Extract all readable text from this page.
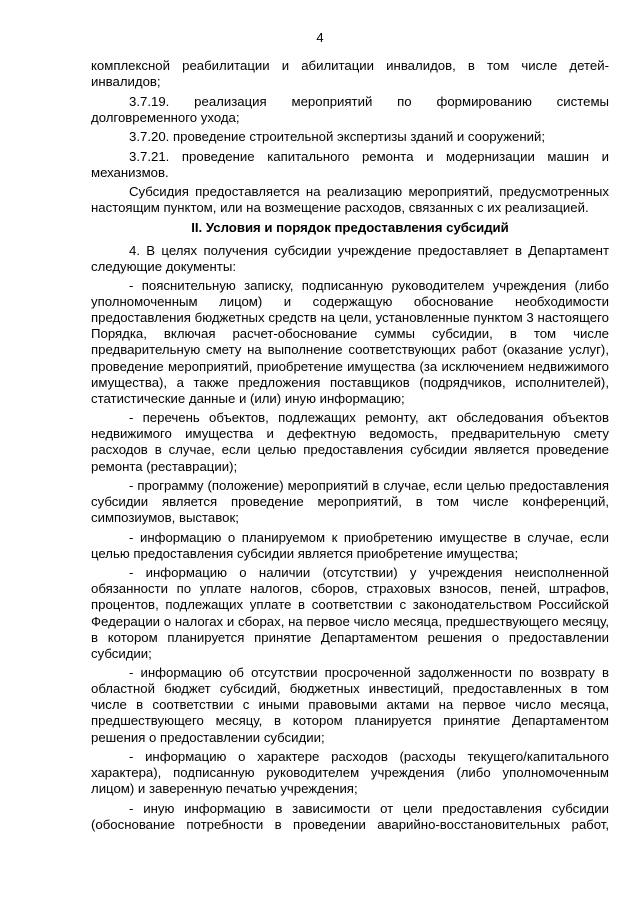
4

комплексной реабилитации и абилитации инвалидов, в том числе детей-инвалидов;

3.7.19. реализация мероприятий по формированию системы долговременного ухода;

3.7.20. проведение строительной экспертизы зданий и сооружений;

3.7.21. проведение капитального ремонта и модернизации машин и механизмов.

Субсидия предоставляется на реализацию мероприятий, предусмотренных настоящим пунктом, или на возмещение расходов, связанных с их реализацией.

II. Условия и порядок предоставления субсидий

4. В целях получения субсидии учреждение предоставляет в Департамент следующие документы:

- пояснительную записку, подписанную руководителем учреждения (либо уполномоченным лицом) и содержащую обоснование необходимости предоставления бюджетных средств на цели, установленные пунктом 3 настоящего Порядка, включая расчет-обоснование суммы субсидии, в том числе предварительную смету на выполнение соответствующих работ (оказание услуг), проведение мероприятий, приобретение имущества (за исключением недвижимого имущества), а также предложения поставщиков (подрядчиков, исполнителей), статистические данные и (или) иную информацию;

- перечень объектов, подлежащих ремонту, акт обследования объектов недвижимого имущества и дефектную ведомость, предварительную смету расходов в случае, если целью предоставления субсидии является проведение ремонта (реставрации);

- программу (положение) мероприятий в случае, если целью предоставления субсидии является проведение мероприятий, в том числе конференций, симпозиумов, выставок;

- информацию о планируемом к приобретению имуществе в случае, если целью предоставления субсидии является приобретение имущества;

- информацию о наличии (отсутствии) у учреждения неисполненной обязанности по уплате налогов, сборов, страховых взносов, пеней, штрафов, процентов, подлежащих уплате в соответствии с законодательством Российской Федерации о налогах и сборах, на первое число месяца, предшествующего месяцу, в котором планируется принятие Департаментом решения о предоставлении субсидии;

- информацию об отсутствии просроченной задолженности по возврату в областной бюджет субсидий, бюджетных инвестиций, предоставленных в том числе в соответствии с иными правовыми актами на первое число месяца, предшествующего месяцу, в котором планируется принятие Департаментом решения о предоставлении субсидии;

- информацию о характере расходов (расходы текущего/капитального характера), подписанную руководителем учреждения (либо уполномоченным лицом) и заверенную печатью учреждения;

- иную информацию в зависимости от цели предоставления субсидии (обоснование потребности в проведении аварийно-восстановительных работ,
